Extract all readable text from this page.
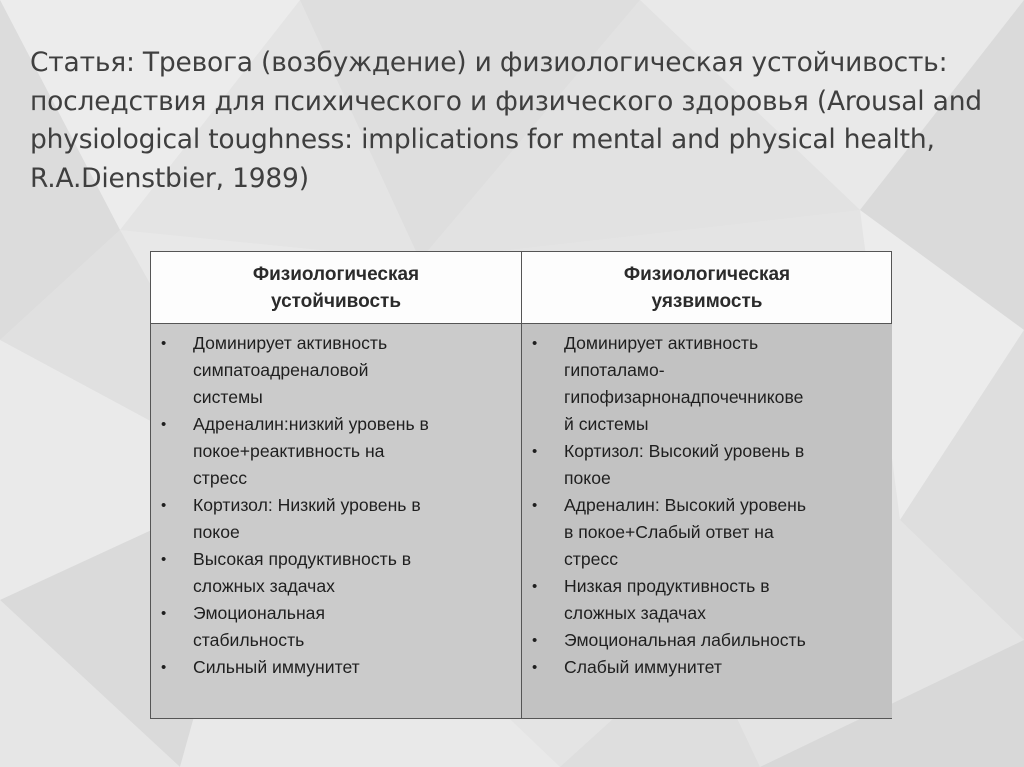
Статья: Тревога (возбуждение) и физиологическая устойчивость: последствия для психического и физического здоровья (Arousal and physiological toughness: implications for mental and physical health, R.A.Dienstbier, 1989)
Физиологическая
устойчивость
Физиологическая
уязвимость
• Доминирует активность
симпатоадреналовой
системы
• Адреналин:низкий уровень в
покое+реактивность на
стресс
• Кортизол: Низкий уровень в
покое
• Высокая продуктивность в
сложных задачах
• Эмоциональная
стабильность
• Сильный иммунитет
• Доминирует активность
гипоталамо-
гипофизарнонадпочечникове
й системы
• Кортизол: Высокий уровень в
покое
• Адреналин: Высокий уровень
в покое+Слабый ответ на
стресс
• Низкая продуктивность в
сложных задачах
• Эмоциональная лабильность
• Слабый иммунитет
